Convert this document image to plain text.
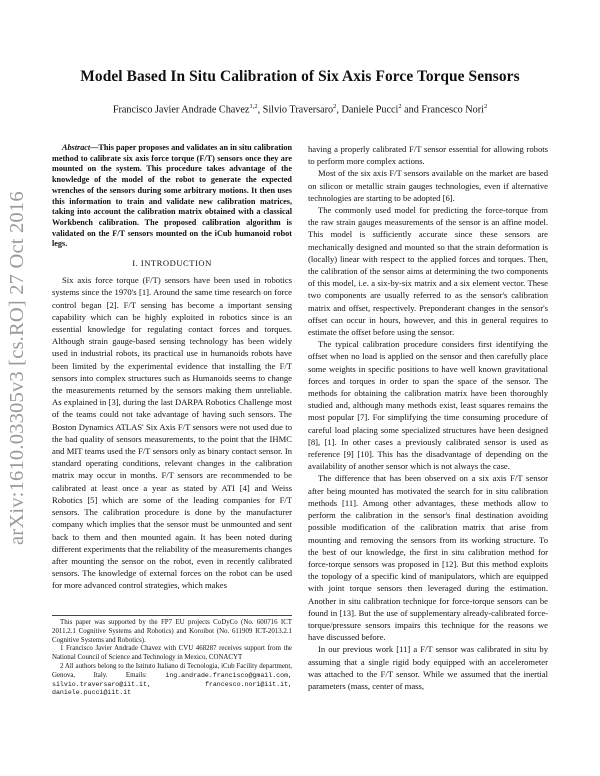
Model Based In Situ Calibration of Six Axis Force Torque Sensors
Francisco Javier Andrade Chavez$^{1,2}$, Silvio Traversaro$^2$, Daniele Pucci$^2$ and Francesco Nori$^2$
arXiv:1610.03305v3 [cs.RO] 27 Oct 2016

Abstract—This paper proposes and validates an in situ calibration method to calibrate six axis force torque (F/T) sensors once they are mounted on the system. This procedure takes advantage of the knowledge of the model of the robot to generate the expected wrenches of the sensors during some arbitrary motions. It then uses this information to train and validate new calibration matrices, taking into account the calibration matrix obtained with a classical Workbench calibration. The proposed calibration algorithm is validated on the F/T sensors mounted on the iCub humanoid robot legs.

I. INTRODUCTION

Six axis force torque (F/T) sensors have been used in robotics systems since the 1970's [1]. Around the same time research on force control began [2]. F/T sensing has become a important sensing capability which can be highly exploited in robotics since is an essential knowledge for regulating contact forces and torques. Although strain gauge-based sensing technology has been widely used in industrial robots, its practical use in humanoids robots have been limited by the experimental evidence that installing the F/T sensors into complex structures such as Humanoids seems to change the measurements returned by the sensors making them unreliable. As explained in [3], during the last DARPA Robotics Challenge most of the teams could not take advantage of having such sensors. The Boston Dynamics ATLAS' Six Axis F/T sensors were not used due to the bad quality of sensors measurements, to the point that the IHMC and MIT teams used the F/T sensors only as binary contact sensor. In standard operating conditions, relevant changes in the calibration matrix may occur in months. F/T sensors are recommended to be calibrated at least once a year as stated by ATI [4] and Weiss Robotics [5] which are some of the leading companies for F/T sensors. The calibration procedure is done by the manufacturer company which implies that the sensor must be unmounted and sent back to them and then mounted again. It has been noted during different experiments that the reliability of the measurements changes after mounting the sensor on the robot, even in recently calibrated sensors. The knowledge of external forces on the robot can be used for more advanced control strategies, which makes

This paper was supported by the FP7 EU projects CoDyCo (No. 600716 ICT 2011.2.1 Cognitive Systems and Robotics) and Koroibot (No. 611909 ICT-2013.2.1 Cognitive Systems and Robotics).

1 Francisco Javier Andrade Chavez with CVU 468287 receives support from the National Council of Science and Technology in Mexico, CONACYT

2 All authors belong to the Istituto Italiano di Tecnologia, iCub Facility department, Genova, Italy. Emails:	ing.andrade.francisco@gmail.com, silvio.traversaro@iit.it, francesco.nori@iit.it, daniele.pucci@iit.it

having a properly calibrated F/T sensor essential for allowing robots to perform more complex actions.

Most of the six axis F/T sensors available on the market are based on silicon or metallic strain gauges technologies, even if alternative technologies are starting to be adopted [6].

The commonly used model for predicting the force-torque from the raw strain gauges measurements of the sensor is an affine model. This model is sufficiently accurate since these sensors are mechanically designed and mounted so that the strain deformation is (locally) linear with respect to the applied forces and torques. Then, the calibration of the sensor aims at determining the two components of this model, i.e. a six-by-six matrix and a six element vector. These two components are usually referred to as the sensor's calibration matrix and offset, respectively. Preponderant changes in the sensor's offset can occur in hours, however, and this in general requires to estimate the offset before using the sensor.

The typical calibration procedure considers first identifying the offset when no load is applied on the sensor and then carefully place some weights in specific positions to have well known gravitational forces and torques in order to span the space of the sensor. The methods for obtaining the calibration matrix have been thoroughly studied and, although many methods exist, least squares remains the most popular [7]. For simplifying the time consuming procedure of careful load placing some specialized structures have been designed [8], [1]. In other cases a previously calibrated sensor is used as reference [9] [10]. This has the disadvantage of depending on the availability of another sensor which is not always the case.

The difference that has been observed on a six axis F/T sensor after being mounted has motivated the search for in situ calibration methods [11]. Among other advantages, these methods allow to perform the calibration in the sensor's final destination avoiding possible modification of the calibration matrix that arise from mounting and removing the sensors from its working structure. To the best of our knowledge, the first in situ calibration method for force-torque sensors was proposed in [12]. But this method exploits the topology of a specific kind of manipulators, which are equipped with joint torque sensors then leveraged during the estimation. Another in situ calibration technique for force-torque sensors can be found in [13]. But the use of supplementary already-calibrated force-torque/pressure sensors impairs this technique for the reasons we have discussed before.

In our previous work [11] a F/T sensor was calibrated in situ by assuming that a single rigid body equipped with an accelerometer was attached to the F/T sensor. While we assumed that the inertial parameters (mass, center of mass,
